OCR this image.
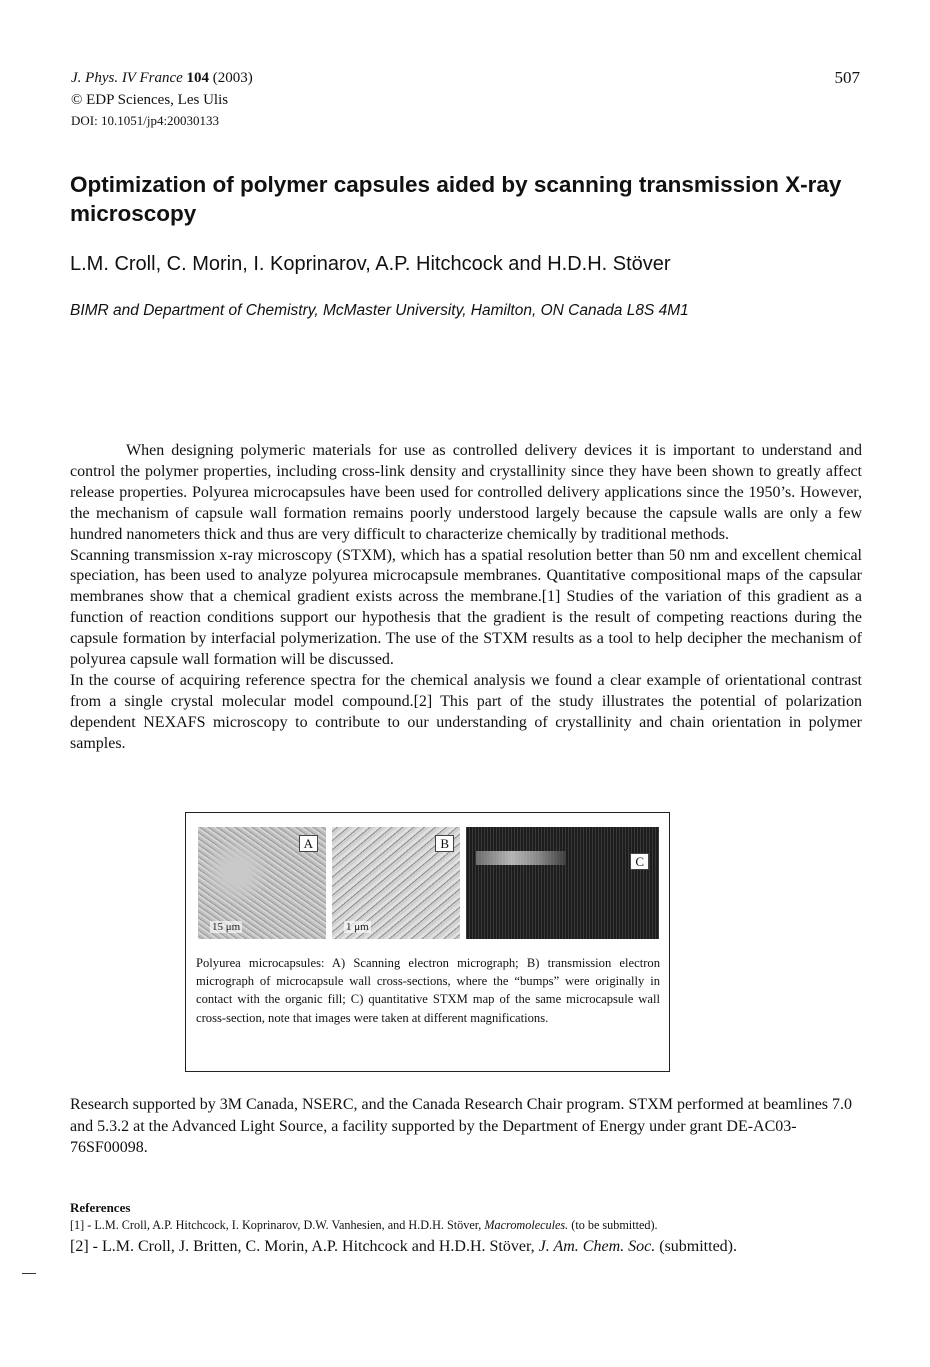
J. Phys. IV France 104 (2003)
© EDP Sciences, Les Ulis
DOI: 10.1051/jp4:20030133
507
Optimization of polymer capsules aided by scanning transmission X-ray microscopy
L.M. Croll, C. Morin, I. Koprinarov, A.P. Hitchcock and H.D.H. Stöver
BIMR and Department of Chemistry, McMaster University, Hamilton, ON Canada L8S 4M1

When designing polymeric materials for use as controlled delivery devices it is important to understand and control the polymer properties, including cross-link density and crystallinity since they have been shown to greatly affect release properties. Polyurea microcapsules have been used for controlled delivery applications since the 1950’s. However, the mechanism of capsule wall formation remains poorly understood largely because the capsule walls are only a few hundred nanometers thick and thus are very difficult to characterize chemically by traditional methods.

Scanning transmission x-ray microscopy (STXM), which has a spatial resolution better than 50 nm and excellent chemical speciation, has been used to analyze polyurea microcapsule membranes. Quantitative compositional maps of the capsular membranes show that a chemical gradient exists across the membrane.[1] Studies of the variation of this gradient as a function of reaction conditions support our hypothesis that the gradient is the result of competing reactions during the capsule formation by interfacial polymerization. The use of the STXM results as a tool to help decipher the mechanism of polyurea capsule wall formation will be discussed.

In the course of acquiring reference spectra for the chemical analysis we found a clear example of orientational contrast from a single crystal molecular model compound.[2] This part of the study illustrates the potential of polarization dependent NEXAFS microscopy to contribute to our understanding of crystallinity and chain orientation in polymer samples.

A
15 μm
B
1 μm
C
Polyurea microcapsules: A) Scanning electron micrograph; B) transmission electron micrograph of microcapsule wall cross-sections, where the “bumps” were originally in contact with the organic fill; C) quantitative STXM map of the same microcapsule wall cross-section, note that images were taken at different magnifications.
Research supported by 3M Canada, NSERC, and the Canada Research Chair program. STXM performed at beamlines 7.0 and 5.3.2 at the Advanced Light Source, a facility supported by the Department of Energy under grant DE-AC03-76SF00098.
References
[1] - L.M. Croll, A.P. Hitchcock, I. Koprinarov, D.W. Vanhesien, and H.D.H. Stöver, Macromolecules. (to be submitted).
[2] - L.M. Croll, J. Britten, C. Morin, A.P. Hitchcock and H.D.H. Stöver, J. Am. Chem. Soc. (submitted).
